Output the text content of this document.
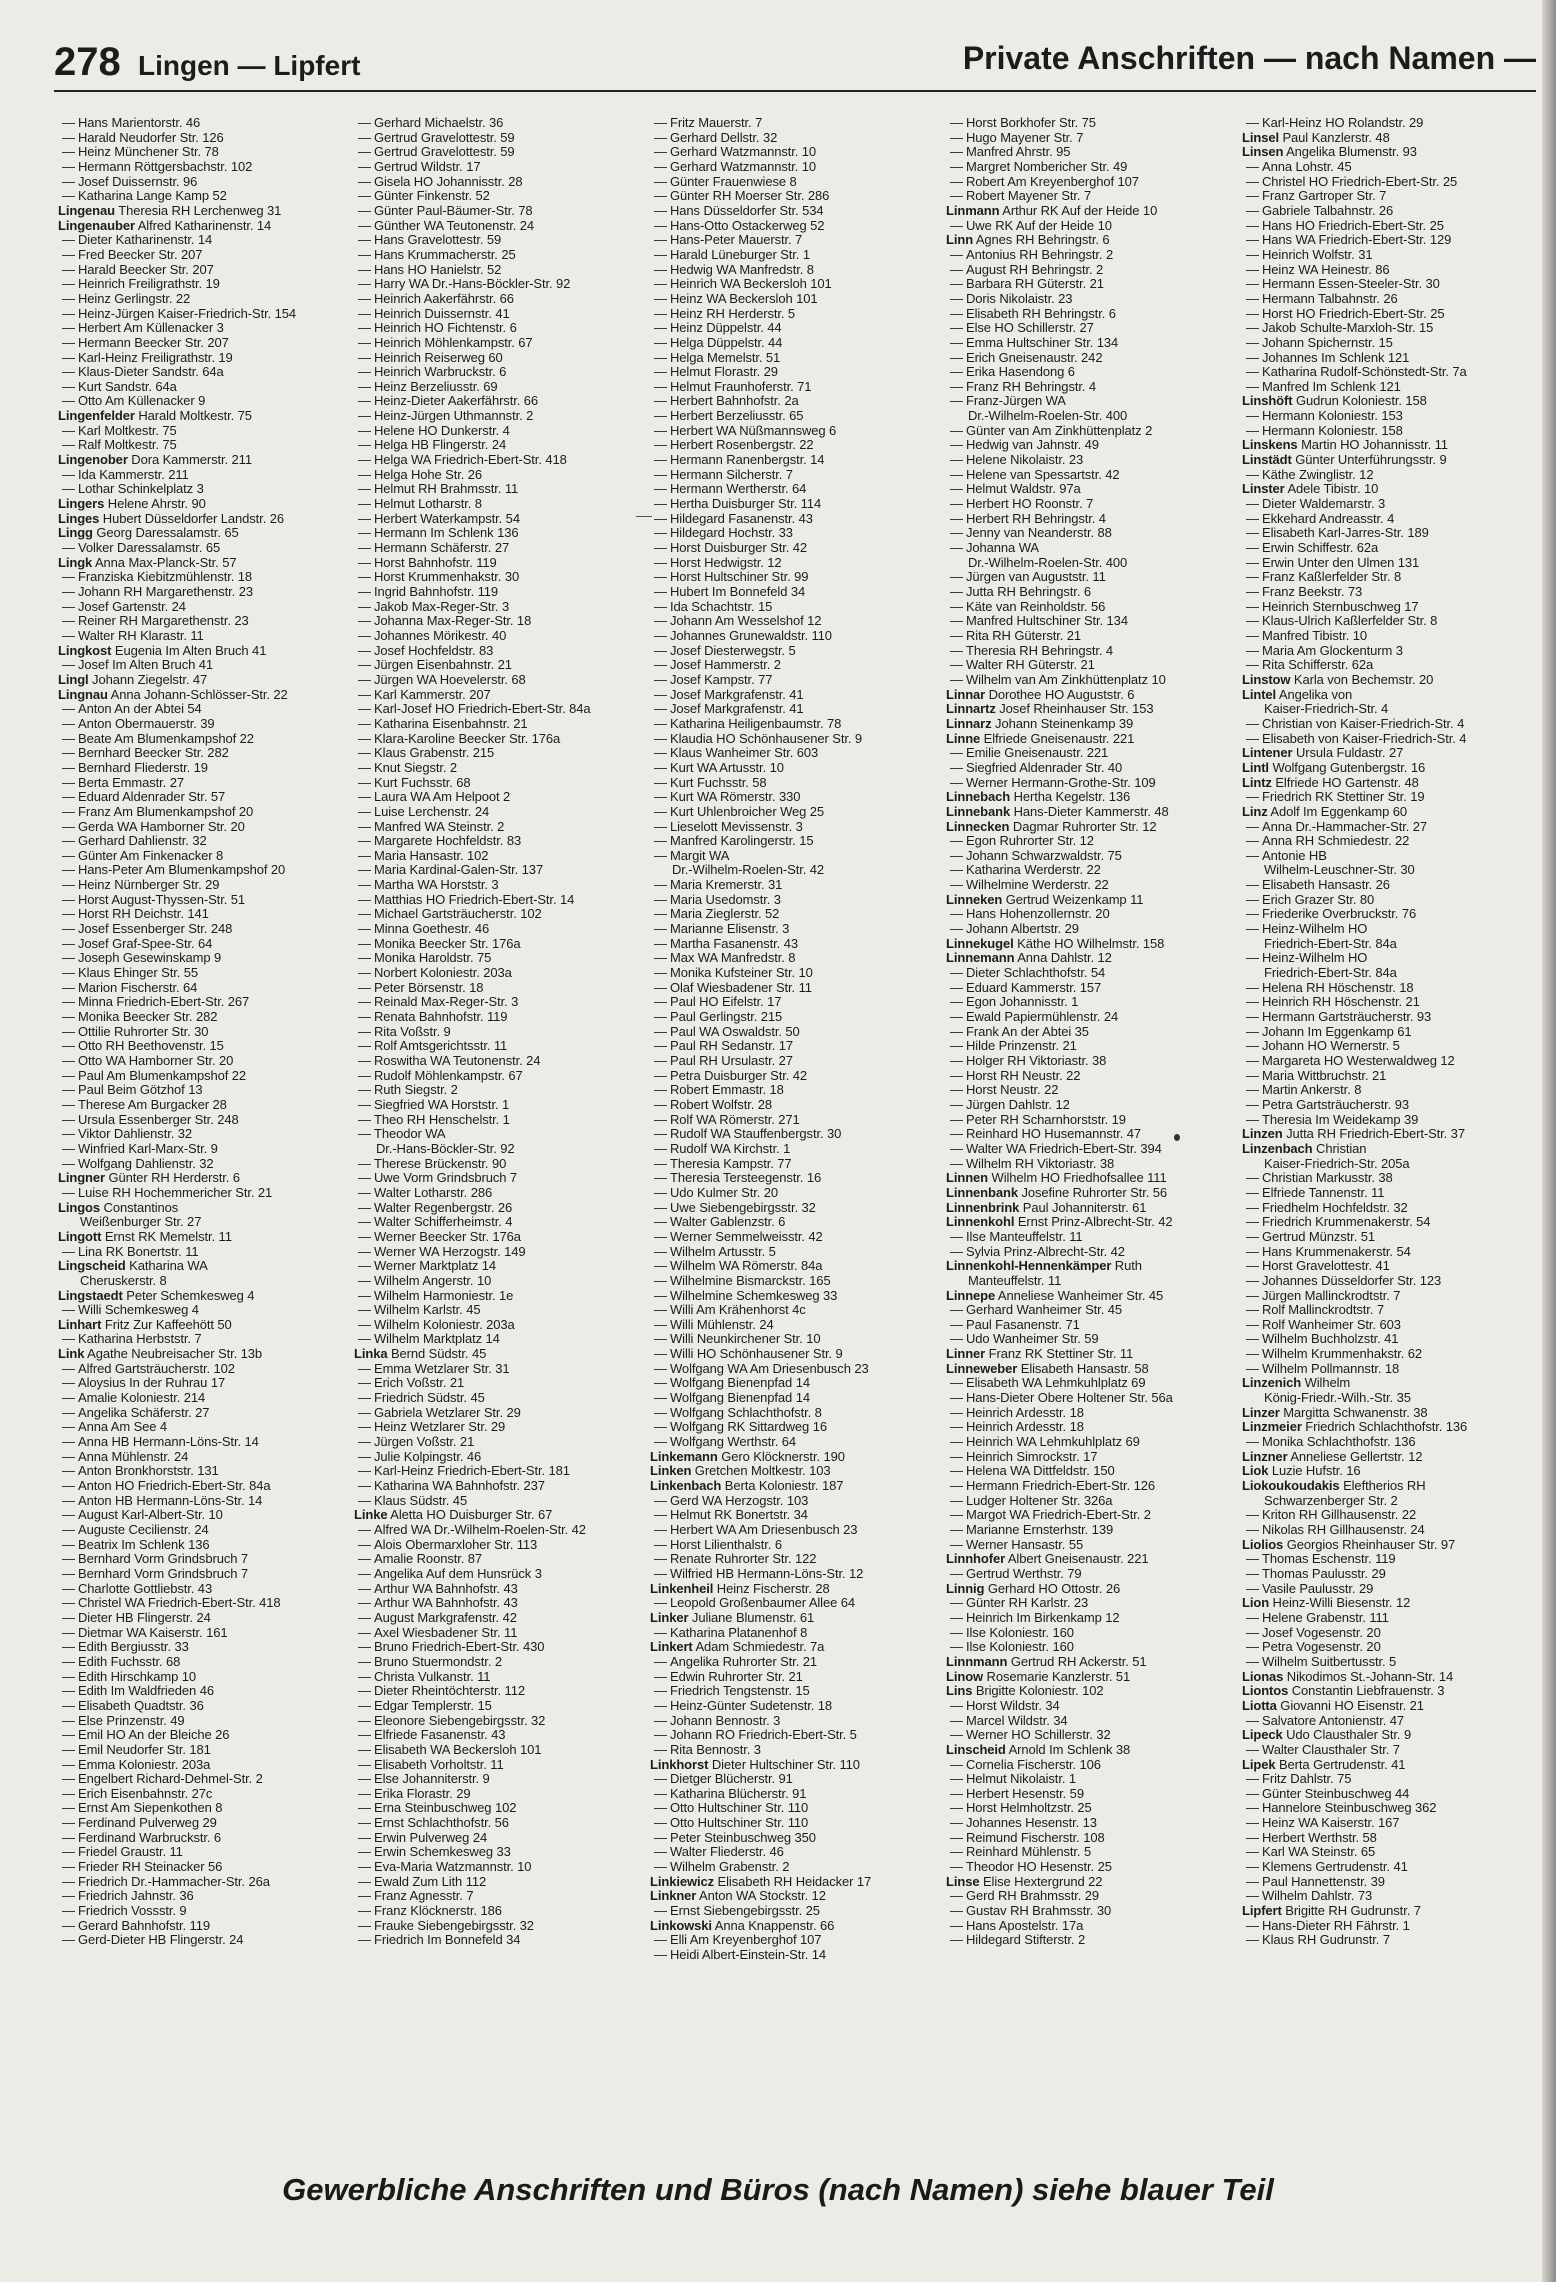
278 Lingen — Lipfert	Private Anschriften — nach Namen —
— Hans Marientorstr. 46
— Harald Neudorfer Str. 126
— Heinz Münchener Str. 78
— Hermann Röttgersbachstr. 102
— Josef Duissernstr. 96
— Katharina Lange Kamp 52
Lingenau Theresia RH Lerchenweg 31
Lingenauber Alfred Katharinenstr. 14
— Dieter Katharinenstr. 14
— Fred Beecker Str. 207
— Harald Beecker Str. 207
— Heinrich Freiligrathstr. 19
— Heinz Gerlingstr. 22
— Heinz-Jürgen Kaiser-Friedrich-Str. 154
— Herbert Am Küllenacker 3
— Hermann Beecker Str. 207
— Karl-Heinz Freiligrathstr. 19
— Klaus-Dieter Sandstr. 64a
— Kurt Sandstr. 64a
— Otto Am Küllenacker 9
Lingenfelder Harald Moltkestr. 75
— Karl Moltkestr. 75
— Ralf Moltkestr. 75
Lingenober Dora Kammerstr. 211
— Ida Kammerstr. 211
— Lothar Schinkelplatz 3
Lingers Helene Ahrstr. 90
Linges Hubert Düsseldorfer Landstr. 26
Lingg Georg Daressalamstr. 65
— Volker Daressalamstr. 65
Lingk Anna Max-Planck-Str. 57
— Franziska Kiebitzmühlenstr. 18
— Johann RH Margarethenstr. 23
— Josef Gartenstr. 24
— Reiner RH Margarethenstr. 23
— Walter RH Klarastr. 11
Lingkost Eugenia Im Alten Bruch 41
— Josef Im Alten Bruch 41
Lingl Johann Ziegelstr. 47
Lingnau Anna Johann-Schlösser-Str. 22
— Anton An der Abtei 54
— Anton Obermauerstr. 39
— Beate Am Blumenkampshof 22
— Bernhard Beecker Str. 282
— Bernhard Fliederstr. 19
— Berta Emmastr. 27
— Eduard Aldenrader Str. 57
— Franz Am Blumenkampshof 20
— Gerda WA Hamborner Str. 20
— Gerhard Dahlienstr. 32
— Günter Am Finkenacker 8
— Hans-Peter Am Blumenkampshof 20
— Heinz Nürnberger Str. 29
— Horst August-Thyssen-Str. 51
— Horst RH Deichstr. 141
— Josef Essenberger Str. 248
— Josef Graf-Spee-Str. 64
— Joseph Gesewinskamp 9
— Klaus Ehinger Str. 55
— Marion Fischerstr. 64
— Minna Friedrich-Ebert-Str. 267
— Monika Beecker Str. 282
— Ottilie Ruhrorter Str. 30
— Otto RH Beethovenstr. 15
— Otto WA Hamborner Str. 20
— Paul Am Blumenkampshof 22
— Paul Beim Götzhof 13
— Therese Am Burgacker 28
— Ursula Essenberger Str. 248
— Viktor Dahlienstr. 32
— Winfried Karl-Marx-Str. 9
— Wolfgang Dahlienstr. 32
Lingner Günter RH Herderstr. 6
— Luise RH Hochemmericher Str. 21
Lingos Constantinos
Weißenburger Str. 27
Lingott Ernst RK Memelstr. 11
— Lina RK Bonertstr. 11
Lingscheid Katharina WA
Cheruskerstr. 8
Lingstaedt Peter Schemkesweg 4
— Willi Schemkesweg 4
Linhart Fritz Zur Kaffeehött 50
— Katharina Herbststr. 7
Link Agathe Neubreisacher Str. 13b
— Alfred Gartsträucherstr. 102
— Aloysius In der Ruhrau 17
— Amalie Koloniestr. 214
— Angelika Schäferstr. 27
— Anna Am See 4
— Anna HB Hermann-Löns-Str. 14
— Anna Mühlenstr. 24
— Anton Bronkhorststr. 131
— Anton HO Friedrich-Ebert-Str. 84a
— Anton HB Hermann-Löns-Str. 14
— August Karl-Albert-Str. 10
— Auguste Cecilienstr. 24
— Beatrix Im Schlenk 136
— Bernhard Vorm Grindsbruch 7
— Bernhard Vorm Grindsbruch 7
— Charlotte Gottliebstr. 43
— Christel WA Friedrich-Ebert-Str. 418
— Dieter HB Flingerstr. 24
— Dietmar WA Kaiserstr. 161
— Edith Bergiusstr. 33
— Edith Fuchsstr. 68
— Edith Hirschkamp 10
— Edith Im Waldfrieden 46
— Elisabeth Quadtstr. 36
— Else Prinzenstr. 49
— Emil HO An der Bleiche 26
— Emil Neudorfer Str. 181
— Emma Koloniestr. 203a
— Engelbert Richard-Dehmel-Str. 2
— Erich Eisenbahnstr. 27c
— Ernst Am Siepenkothen 8
— Ferdinand Pulverweg 29
— Ferdinand Warbruckstr. 6
— Friedel Graustr. 11
— Frieder RH Steinacker 56
— Friedrich Dr.-Hammacher-Str. 26a
— Friedrich Jahnstr. 36
— Friedrich Vossstr. 9
— Gerard Bahnhofstr. 119
— Gerd-Dieter HB Flingerstr. 24
— Gerhard Michaelstr. 36
— Gertrud Gravelottestr. 59
— Gertrud Gravelottestr. 59
— Gertrud Wildstr. 17
— Gisela HO Johannisstr. 28
— Günter Finkenstr. 52
— Günter Paul-Bäumer-Str. 78
— Günther WA Teutonenstr. 24
— Hans Gravelottestr. 59
— Hans Krummacherstr. 25
— Hans HO Hanielstr. 52
— Harry WA Dr.-Hans-Böckler-Str. 92
— Heinrich Aakerfährstr. 66
— Heinrich Duissernstr. 41
— Heinrich HO Fichtenstr. 6
— Heinrich Möhlenkampstr. 67
— Heinrich Reiserweg 60
— Heinrich Warbruckstr. 6
— Heinz Berzeliusstr. 69
— Heinz-Dieter Aakerfährstr. 66
— Heinz-Jürgen Uthmannstr. 2
— Helene HO Dunkerstr. 4
— Helga HB Flingerstr. 24
— Helga WA Friedrich-Ebert-Str. 418
— Helga Hohe Str. 26
— Helmut RH Brahmsstr. 11
— Helmut Lotharstr. 8
— Herbert Waterkampstr. 54
— Hermann Im Schlenk 136
— Hermann Schäferstr. 27
— Horst Bahnhofstr. 119
— Horst Krummenhakstr. 30
— Ingrid Bahnhofstr. 119
— Jakob Max-Reger-Str. 3
— Johanna Max-Reger-Str. 18
— Johannes Mörikestr. 40
— Josef Hochfeldstr. 83
— Jürgen Eisenbahnstr. 21
— Jürgen WA Hoevelerstr. 68
— Karl Kammerstr. 207
— Karl-Josef HO Friedrich-Ebert-Str. 84a
— Katharina Eisenbahnstr. 21
— Klara-Karoline Beecker Str. 176a
— Klaus Grabenstr. 215
— Knut Siegstr. 2
— Kurt Fuchsstr. 68
— Laura WA Am Helpoot 2
— Luise Lerchenstr. 24
— Manfred WA Steinstr. 2
— Margarete Hochfeldstr. 83
— Maria Hansastr. 102
— Maria Kardinal-Galen-Str. 137
— Martha WA Horststr. 3
— Matthias HO Friedrich-Ebert-Str. 14
— Michael Gartsträucherstr. 102
— Minna Goethestr. 46
— Monika Beecker Str. 176a
— Monika Haroldstr. 75
— Norbert Koloniestr. 203a
— Peter Börsenstr. 18
— Reinald Max-Reger-Str. 3
— Renata Bahnhofstr. 119
— Rita Voßstr. 9
— Rolf Amtsgerichtsstr. 11
— Roswitha WA Teutonenstr. 24
— Rudolf Möhlenkampstr. 67
— Ruth Siegstr. 2
— Siegfried WA Horststr. 1
— Theo RH Henschelstr. 1
— Theodor WA
Dr.-Hans-Böckler-Str. 92
— Therese Brückenstr. 90
— Uwe Vorm Grindsbruch 7
— Walter Lotharstr. 286
— Walter Regenbergstr. 26
— Walter Schifferheimstr. 4
— Werner Beecker Str. 176a
— Werner WA Herzogstr. 149
— Werner Marktplatz 14
— Wilhelm Angerstr. 10
— Wilhelm Harmoniestr. 1e
— Wilhelm Karlstr. 45
— Wilhelm Koloniestr. 203a
— Wilhelm Marktplatz 14
Linka Bernd Südstr. 45
— Emma Wetzlarer Str. 31
— Erich Voßstr. 21
— Friedrich Südstr. 45
— Gabriela Wetzlarer Str. 29
— Heinz Wetzlarer Str. 29
— Jürgen Voßstr. 21
— Julie Kolpingstr. 46
— Karl-Heinz Friedrich-Ebert-Str. 181
— Katharina WA Bahnhofstr. 237
— Klaus Südstr. 45
Linke Aletta HO Duisburger Str. 67
— Alfred WA Dr.-Wilhelm-Roelen-Str. 42
— Alois Obermarxloher Str. 113
— Amalie Roonstr. 87
— Angelika Auf dem Hunsrück 3
— Arthur WA Bahnhofstr. 43
— Arthur WA Bahnhofstr. 43
— August Markgrafenstr. 42
— Axel Wiesbadener Str. 11
— Bruno Friedrich-Ebert-Str. 430
— Bruno Stuermondstr. 2
— Christa Vulkanstr. 11
— Dieter Rheintöchterstr. 112
— Edgar Templerstr. 15
— Eleonore Siebengebirgsstr. 32
— Elfriede Fasanenstr. 43
— Elisabeth WA Beckersloh 101
— Elisabeth Vorholtstr. 11
— Else Johanniterstr. 9
— Erika Florastr. 29
— Erna Steinbuschweg 102
— Ernst Schlachthofstr. 56
— Erwin Pulverweg 24
— Erwin Schemkesweg 33
— Eva-Maria Watzmannstr. 10
— Ewald Zum Lith 112
— Franz Agnesstr. 7
— Franz Klöcknerstr. 186
— Frauke Siebengebirgsstr. 32
— Friedrich Im Bonnefeld 34
— Fritz Mauerstr. 7
— Gerhard Dellstr. 32
— Gerhard Watzmannstr. 10
— Gerhard Watzmannstr. 10
— Günter Frauenwiese 8
— Günter RH Moerser Str. 286
— Hans Düsseldorfer Str. 534
— Hans-Otto Ostackerweg 52
— Hans-Peter Mauerstr. 7
— Harald Lüneburger Str. 1
— Hedwig WA Manfredstr. 8
— Heinrich WA Beckersloh 101
— Heinz WA Beckersloh 101
— Heinz RH Herderstr. 5
— Heinz Düppelstr. 44
— Helga Düppelstr. 44
— Helga Memelstr. 51
— Helmut Florastr. 29
— Helmut Fraunhoferstr. 71
— Herbert Bahnhofstr. 2a
— Herbert Berzeliusstr. 65
— Herbert WA Nüßmannsweg 6
— Herbert Rosenbergstr. 22
— Hermann Ranenbergstr. 14
— Hermann Silcherstr. 7
— Hermann Wertherstr. 64
— Hertha Duisburger Str. 114
— Hildegard Fasanenstr. 43
— Hildegard Hochstr. 33
— Horst Duisburger Str. 42
— Horst Hedwigstr. 12
— Horst Hultschiner Str. 99
— Hubert Im Bonnefeld 34
— Ida Schachtstr. 15
— Johann Am Wesselshof 12
— Johannes Grunewaldstr. 110
— Josef Diesterwegstr. 5
— Josef Hammerstr. 2
— Josef Kampstr. 77
— Josef Markgrafenstr. 41
— Josef Markgrafenstr. 41
— Katharina Heiligenbaumstr. 78
— Klaudia HO Schönhausener Str. 9
— Klaus Wanheimer Str. 603
— Kurt WA Artusstr. 10
— Kurt Fuchsstr. 58
— Kurt WA Römerstr. 330
— Kurt Uhlenbroicher Weg 25
— Lieselott Mevissenstr. 3
— Manfred Karolingerstr. 15
— Margit WA
Dr.-Wilhelm-Roelen-Str. 42
— Maria Kremerstr. 31
— Maria Usedomstr. 3
— Maria Zieglerstr. 52
— Marianne Elisenstr. 3
— Martha Fasanenstr. 43
— Max WA Manfredstr. 8
— Monika Kufsteiner Str. 10
— Olaf Wiesbadener Str. 11
— Paul HO Eifelstr. 17
— Paul Gerlingstr. 215
— Paul WA Oswaldstr. 50
— Paul RH Sedanstr. 17
— Paul RH Ursulastr. 27
— Petra Duisburger Str. 42
— Robert Emmastr. 18
— Robert Wolfstr. 28
— Rolf WA Römerstr. 271
— Rudolf WA Stauffenbergstr. 30
— Rudolf WA Kirchstr. 1
— Theresia Kampstr. 77
— Theresia Tersteegenstr. 16
— Udo Kulmer Str. 20
— Uwe Siebengebirgsstr. 32
— Walter Gablenzstr. 6
— Werner Semmelweisstr. 42
— Wilhelm Artusstr. 5
— Wilhelm WA Römerstr. 84a
— Wilhelmine Bismarckstr. 165
— Wilhelmine Schemkesweg 33
— Willi Am Krähenhorst 4c
— Willi Mühlenstr. 24
— Willi Neunkirchener Str. 10
— Willi HO Schönhausener Str. 9
— Wolfgang WA Am Driesenbusch 23
— Wolfgang Bienenpfad 14
— Wolfgang Bienenpfad 14
— Wolfgang Schlachthofstr. 8
— Wolfgang RK Sittardweg 16
— Wolfgang Werthstr. 64
Linkemann Gero Klöcknerstr. 190
Linken Gretchen Moltkestr. 103
Linkenbach Berta Koloniestr. 187
— Gerd WA Herzogstr. 103
— Helmut RK Bonertstr. 34
— Herbert WA Am Driesenbusch 23
— Horst Lilienthalstr. 6
— Renate Ruhrorter Str. 122
— Wilfried HB Hermann-Löns-Str. 12
Linkenheil Heinz Fischerstr. 28
— Leopold Großenbaumer Allee 64
Linker Juliane Blumenstr. 61
— Katharina Platanenhof 8
Linkert Adam Schmiedestr. 7a
— Angelika Ruhrorter Str. 21
— Edwin Ruhrorter Str. 21
— Friedrich Tengstenstr. 15
— Heinz-Günter Sudetenstr. 18
— Johann Bennostr. 3
— Johann RO Friedrich-Ebert-Str. 5
— Rita Bennostr. 3
Linkhorst Dieter Hultschiner Str. 110
— Dietger Blücherstr. 91
— Katharina Blücherstr. 91
— Otto Hultschiner Str. 110
— Otto Hultschiner Str. 110
— Peter Steinbuschweg 350
— Walter Fliederstr. 46
— Wilhelm Grabenstr. 2
Linkiewicz Elisabeth RH Heidacker 17
Linkner Anton WA Stockstr. 12
— Ernst Siebengebirgsstr. 25
Linkowski Anna Knappenstr. 66
— Elli Am Kreyenberghof 107
— Heidi Albert-Einstein-Str. 14
— Horst Borkhofer Str. 75
— Hugo Mayener Str. 7
— Manfred Ahrstr. 95
— Margret Nombericher Str. 49
— Robert Am Kreyenberghof 107
— Robert Mayener Str. 7
Linmann Arthur RK Auf der Heide 10
— Uwe RK Auf der Heide 10
Linn Agnes RH Behringstr. 6
— Antonius RH Behringstr. 2
— August RH Behringstr. 2
— Barbara RH Güterstr. 21
— Doris Nikolaistr. 23
— Elisabeth RH Behringstr. 6
— Else HO Schillerstr. 27
— Emma Hultschiner Str. 134
— Erich Gneisenaustr. 242
— Erika Hasendong 6
— Franz RH Behringstr. 4
— Franz-Jürgen WA
Dr.-Wilhelm-Roelen-Str. 400
— Günter van Am Zinkhüttenplatz 2
— Hedwig van Jahnstr. 49
— Helene Nikolaistr. 23
— Helene van Spessartstr. 42
— Helmut Waldstr. 97a
— Herbert HO Roonstr. 7
— Herbert RH Behringstr. 4
— Jenny van Neanderstr. 88
— Johanna WA
Dr.-Wilhelm-Roelen-Str. 400
— Jürgen van Auguststr. 11
— Jutta RH Behringstr. 6
— Käte van Reinholdstr. 56
— Manfred Hultschiner Str. 134
— Rita RH Güterstr. 21
— Theresia RH Behringstr. 4
— Walter RH Güterstr. 21
— Wilhelm van Am Zinkhüttenplatz 10
Linnar Dorothee HO Auguststr. 6
Linnartz Josef Rheinhauser Str. 153
Linnarz Johann Steinenkamp 39
Linne Elfriede Gneisenaustr. 221
— Emilie Gneisenaustr. 221
— Siegfried Aldenrader Str. 40
— Werner Hermann-Grothe-Str. 109
Linnebach Hertha Kegelstr. 136
Linnebank Hans-Dieter Kammerstr. 48
Linnecken Dagmar Ruhrorter Str. 12
— Egon Ruhrorter Str. 12
— Johann Schwarzwaldstr. 75
— Katharina Werderstr. 22
— Wilhelmine Werderstr. 22
Linneken Gertrud Weizenkamp 11
— Hans Hohenzollernstr. 20
— Johann Albertstr. 29
Linnekugel Käthe HO Wilhelmstr. 158
Linnemann Anna Dahlstr. 12
— Dieter Schlachthofstr. 54
— Eduard Kammerstr. 157
— Egon Johannisstr. 1
— Ewald Papiermühlenstr. 24
— Frank An der Abtei 35
— Hilde Prinzenstr. 21
— Holger RH Viktoriastr. 38
— Horst RH Neustr. 22
— Horst Neustr. 22
— Jürgen Dahlstr. 12
— Peter RH Scharnhorststr. 19
— Reinhard HO Husemannstr. 47
— Walter WA Friedrich-Ebert-Str. 394
— Wilhelm RH Viktoriastr. 38
Linnen Wilhelm HO Friedhofsallee 111
Linnenbank Josefine Ruhrorter Str. 56
Linnenbrink Paul Johanniterstr. 61
Linnenkohl Ernst Prinz-Albrecht-Str. 42
— Ilse Manteuffelstr. 11
— Sylvia Prinz-Albrecht-Str. 42
Linnenkohl-Hennenkämper Ruth
Manteuffelstr. 11
Linnepe Anneliese Wanheimer Str. 45
— Gerhard Wanheimer Str. 45
— Paul Fasanenstr. 71
— Udo Wanheimer Str. 59
Linner Franz RK Stettiner Str. 11
Linneweber Elisabeth Hansastr. 58
— Elisabeth WA Lehmkuhlplatz 69
— Hans-Dieter Obere Holtener Str. 56a
— Heinrich Ardesstr. 18
— Heinrich Ardesstr. 18
— Heinrich WA Lehmkuhlplatz 69
— Heinrich Simrockstr. 17
— Helena WA Dittfeldstr. 150
— Hermann Friedrich-Ebert-Str. 126
— Ludger Holtener Str. 326a
— Margot WA Friedrich-Ebert-Str. 2
— Marianne Ernsterhstr. 139
— Werner Hansastr. 55
Linnhofer Albert Gneisenaustr. 221
— Gertrud Werthstr. 79
Linnig Gerhard HO Ottostr. 26
— Günter RH Karlstr. 23
— Heinrich Im Birkenkamp 12
— Ilse Koloniestr. 160
— Ilse Koloniestr. 160
Linnmann Gertrud RH Ackerstr. 51
Linow Rosemarie Kanzlerstr. 51
Lins Brigitte Koloniestr. 102
— Horst Wildstr. 34
— Marcel Wildstr. 34
— Werner HO Schillerstr. 32
Linscheid Arnold Im Schlenk 38
— Cornelia Fischerstr. 106
— Helmut Nikolaistr. 1
— Herbert Hesenstr. 59
— Horst Helmholtzstr. 25
— Johannes Hesenstr. 13
— Reimund Fischerstr. 108
— Reinhard Mühlenstr. 5
— Theodor HO Hesenstr. 25
Linse Elise Hextergrund 22
— Gerd RH Brahmsstr. 29
— Gustav RH Brahmsstr. 30
— Hans Apostelstr. 17a
— Hildegard Stifterstr. 2
— Karl-Heinz HO Rolandstr. 29
Linsel Paul Kanzlerstr. 48
Linsen Angelika Blumenstr. 93
— Anna Lohstr. 45
— Christel HO Friedrich-Ebert-Str. 25
— Franz Gartroper Str. 7
— Gabriele Talbahnstr. 26
— Hans HO Friedrich-Ebert-Str. 25
— Hans WA Friedrich-Ebert-Str. 129
— Heinrich Wolfstr. 31
— Heinz WA Heinestr. 86
— Hermann Essen-Steeler-Str. 30
— Hermann Talbahnstr. 26
— Horst HO Friedrich-Ebert-Str. 25
— Jakob Schulte-Marxloh-Str. 15
— Johann Spichernstr. 15
— Johannes Im Schlenk 121
— Katharina Rudolf-Schönstedt-Str. 7a
— Manfred Im Schlenk 121
Linshöft Gudrun Koloniestr. 158
— Hermann Koloniestr. 153
— Hermann Koloniestr. 158
Linskens Martin HO Johannisstr. 11
Linstädt Günter Unterführungsstr. 9
— Käthe Zwinglistr. 12
Linster Adele Tibistr. 10
— Dieter Waldemarstr. 3
— Ekkehard Andreasstr. 4
— Elisabeth Karl-Jarres-Str. 189
— Erwin Schiffestr. 62a
— Erwin Unter den Ulmen 131
— Franz Kaßlerfelder Str. 8
— Franz Beekstr. 73
— Heinrich Sternbuschweg 17
— Klaus-Ulrich Kaßlerfelder Str. 8
— Manfred Tibistr. 10
— Maria Am Glockenturm 3
— Rita Schifferstr. 62a
Linstow Karla von Bechemstr. 20
Lintel Angelika von
Kaiser-Friedrich-Str. 4
— Christian von Kaiser-Friedrich-Str. 4
— Elisabeth von Kaiser-Friedrich-Str. 4
Lintener Ursula Fuldastr. 27
Lintl Wolfgang Gutenbergstr. 16
Lintz Elfriede HO Gartenstr. 48
— Friedrich RK Stettiner Str. 19
Linz Adolf Im Eggenkamp 60
— Anna Dr.-Hammacher-Str. 27
— Anna RH Schmiedestr. 22
— Antonie HB
Wilhelm-Leuschner-Str. 30
— Elisabeth Hansastr. 26
— Erich Grazer Str. 80
— Friederike Overbruckstr. 76
— Heinz-Wilhelm HO
Friedrich-Ebert-Str. 84a
— Heinz-Wilhelm HO
Friedrich-Ebert-Str. 84a
— Helena RH Höschenstr. 18
— Heinrich RH Höschenstr. 21
— Hermann Gartsträucherstr. 93
— Johann Im Eggenkamp 61
— Johann HO Wernerstr. 5
— Margareta HO Westerwaldweg 12
— Maria Wittbruchstr. 21
— Martin Ankerstr. 8
— Petra Gartsträucherstr. 93
— Theresia Im Weidekamp 39
Linzen Jutta RH Friedrich-Ebert-Str. 37
Linzenbach Christian
Kaiser-Friedrich-Str. 205a
— Christian Markusstr. 38
— Elfriede Tannenstr. 11
— Friedhelm Hochfeldstr. 32
— Friedrich Krummenakerstr. 54
— Gertrud Münzstr. 51
— Hans Krummenakerstr. 54
— Horst Gravelottestr. 41
— Johannes Düsseldorfer Str. 123
— Jürgen Mallinckrodtstr. 7
— Rolf Mallinckrodtstr. 7
— Rolf Wanheimer Str. 603
— Wilhelm Buchholzstr. 41
— Wilhelm Krummenhakstr. 62
— Wilhelm Pollmannstr. 18
Linzenich Wilhelm
König-Friedr.-Wilh.-Str. 35
Linzer Margitta Schwanenstr. 38
Linzmeier Friedrich Schlachthofstr. 136
— Monika Schlachthofstr. 136
Linzner Anneliese Gellertstr. 12
Liok Luzie Hufstr. 16
Liokoukoudakis Eleftherios RH
Schwarzenberger Str. 2
— Kriton RH Gillhausenstr. 22
— Nikolas RH Gillhausenstr. 24
Liolios Georgios Rheinhauser Str. 97
— Thomas Eschenstr. 119
— Thomas Paulusstr. 29
— Vasile Paulusstr. 29
Lion Heinz-Willi Biesenstr. 12
— Helene Grabenstr. 111
— Josef Vogesenstr. 20
— Petra Vogesenstr. 20
— Wilhelm Suitbertusstr. 5
Lionas Nikodimos St.-Johann-Str. 14
Liontos Constantin Liebfrauenstr. 3
Liotta Giovanni HO Eisenstr. 21
— Salvatore Antonienstr. 47
Lipeck Udo Clausthaler Str. 9
— Walter Clausthaler Str. 7
Lipek Berta Gertrudenstr. 41
— Fritz Dahlstr. 75
— Günter Steinbuschweg 44
— Hannelore Steinbuschweg 362
— Heinz WA Kaiserstr. 167
— Herbert Werthstr. 58
— Karl WA Steinstr. 65
— Klemens Gertrudenstr. 41
— Paul Hannettenstr. 39
— Wilhelm Dahlstr. 73
Lipfert Brigitte RH Gudrunstr. 7
— Hans-Dieter RH Fährstr. 1
— Klaus RH Gudrunstr. 7
Gewerbliche Anschriften und Büros (nach Namen) siehe blauer Teil
